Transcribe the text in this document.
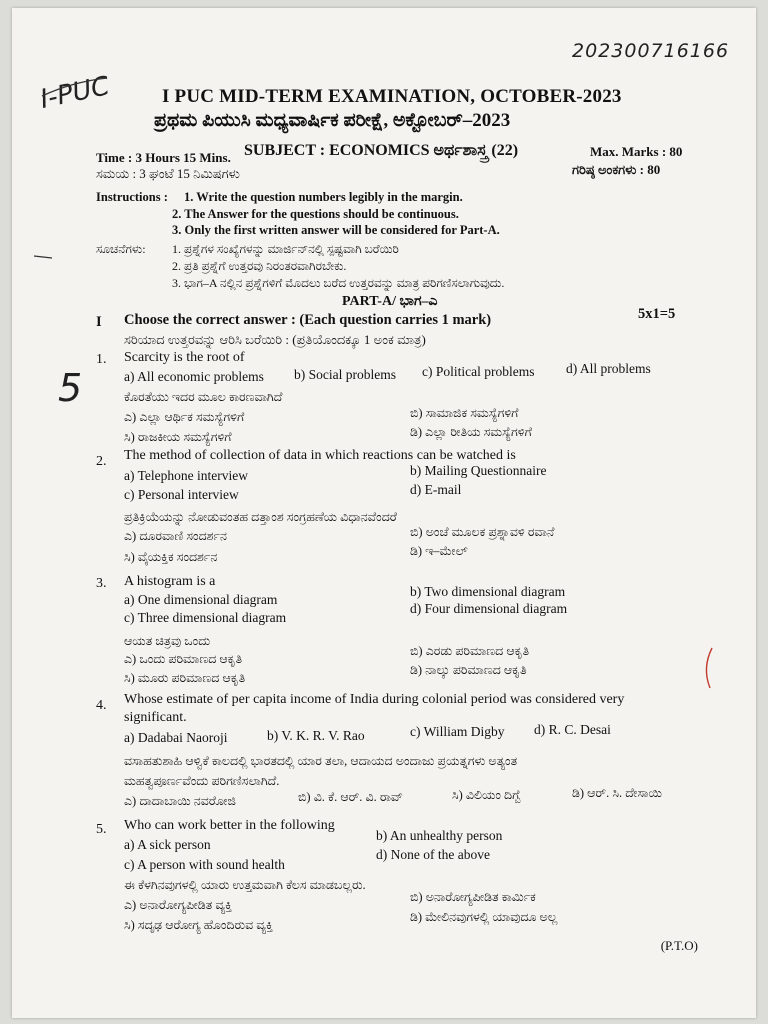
202300716166
I-PUC
5
I PUC MID-TERM EXAMINATION, OCTOBER-2023
ಪ್ರಥಮ ಪಿಯುಸಿ ಮಧ್ಯವಾರ್ಷಿಕ ಪರೀಕ್ಷೆ, ಅಕ್ಟೋಬರ್–2023
Time : 3 Hours 15 Mins.
ಸಮಯ : 3 ಘಂಟೆ 15 ನಿಮಿಷಗಳು
SUBJECT : ECONOMICS ಅರ್ಥಶಾಸ್ತ್ರ (22)	Max. Marks : 80
ಗರಿಷ್ಠ ಅಂಕಗಳು : 80
Instructions : 1. Write the question numbers legibly in the margin.
2. The Answer for the questions should be continuous.
3. Only the first written answer will be considered for Part-A.
ಸೂಚನೆಗಳು: 1. ಪ್ರಶ್ನೆಗಳ ಸಂಖ್ಯೆಗಳನ್ನು ಮಾರ್ಜಿನ್‌ನಲ್ಲಿ ಸ್ಪಷ್ಟವಾಗಿ ಬರೆಯಿರಿ
2. ಪ್ರತಿ ಪ್ರಶ್ನೆಗೆ ಉತ್ತರವು ನಿರಂತರವಾಗಿರಬೇಕು.
3. ಭಾಗ–A ನಲ್ಲಿನ ಪ್ರಶ್ನೆಗಳಿಗೆ ಮೊದಲು ಬರೆದ ಉತ್ತರವನ್ನು ಮಾತ್ರ ಪರಿಗಣಿಸಲಾಗುವುದು.
PART-A/ ಭಾಗ–ಎ
I Choose the correct answer : (Each question carries 1 mark)	5x1=5
ಸರಿಯಾದ ಉತ್ತರವನ್ನು ಆರಿಸಿ ಬರೆಯಿರಿ : (ಪ್ರತಿಯೊಂದಕ್ಕೂ 1 ಅಂಕ ಮಾತ್ರ)
1. Scarcity is the root of
a) All economic problems b) Social problems c) Political problems d) All problems
ಕೊರತೆಯು ಇದರ ಮೂಲ ಕಾರಣವಾಗಿದೆ
ಎ) ಎಲ್ಲಾ ಆರ್ಥಿಕ ಸಮಸ್ಯೆಗಳಿಗೆ	ಬಿ) ಸಾಮಾಜಿಕ ಸಮಸ್ಯೆಗಳಿಗೆ
ಸಿ) ರಾಜಕೀಯ ಸಮಸ್ಯೆಗಳಿಗೆ	ಡಿ) ಎಲ್ಲಾ ರೀತಿಯ ಸಮಸ್ಯೆಗಳಿಗೆ
2. The method of collection of data in which reactions can be watched is
a) Telephone interview	b) Mailing Questionnaire
c) Personal interview	d) E-mail
ಪ್ರತಿಕ್ರಿಯೆಯನ್ನು ನೋಡುವಂತಹ ದತ್ತಾಂಶ ಸಂಗ್ರಹಣೆಯ ವಿಧಾನವೆಂದರೆ
ಎ) ದೂರವಾಣಿ ಸಂದರ್ಶನ	ಬಿ) ಅಂಚೆ ಮೂಲಕ ಪ್ರಶ್ನಾವಳಿ ರವಾನೆ
ಸಿ) ವೈಯಕ್ತಿಕ ಸಂದರ್ಶನ	ಡಿ) ಇ–ಮೇಲ್
3. A histogram is a
a) One dimensional diagram
b) Two dimensional diagram
c) Three dimensional diagram
d) Four dimensional diagram
ಆಯತ ಚಿತ್ರವು ಒಂದು
ಎ) ಒಂದು ಪರಿಮಾಣದ ಆಕೃತಿ
ಬಿ) ಎರಡು ಪರಿಮಾಣದ ಆಕೃತಿ
ಸಿ) ಮೂರು ಪರಿಮಾಣದ ಆಕೃತಿ
ಡಿ) ನಾಲ್ಕು ಪರಿಮಾಣದ ಆಕೃತಿ
4. Whose estimate of per capita income of India during colonial period was considered very
significant.
a) Dadabai Naoroji	b) V. K. R. V. Rao	c) William Digby d) R. C. Desai
ವಸಾಹತುಶಾಹಿ ಆಳ್ವಿಕೆ ಕಾಲದಲ್ಲಿ ಭಾರತದಲ್ಲಿ ಯಾರ ತಲಾ, ಆದಾಯದ ಅಂದಾಜು ಪ್ರಯತ್ನಗಳು ಅತ್ಯಂತ
ಮಹತ್ವಪೂರ್ಣವೆಂದು ಪರಿಗಣಿಸಲಾಗಿದೆ.
ಎ) ದಾದಾಬಾಯಿ ನವರೋಜಿ	ಬಿ) ವಿ. ಕೆ. ಆರ್. ವಿ. ರಾವ್	ಸಿ) ವಿಲಿಯಂ ದಿಗ್ಬೆ	ಡಿ) ಆರ್. ಸಿ. ದೇಸಾಯಿ
5. Who can work better in the following
a) A sick person
b) An unhealthy person
c) A person with sound health
d) None of the above
ಈ ಕೆಳಗಿನವುಗಳಲ್ಲಿ ಯಾರು ಉತ್ತಮವಾಗಿ ಕೆಲಸ ಮಾಡಬಲ್ಲರು.
ಎ) ಅನಾರೋಗ್ಯಪೀಡಿತ ವ್ಯಕ್ತಿ
ಬಿ) ಅನಾರೋಗ್ಯಪೀಡಿತ ಕಾರ್ಮಿಕ
ಸಿ) ಸದೃಢ ಆರೋಗ್ಯ ಹೊಂದಿರುವ ವ್ಯಕ್ತಿ
ಡಿ) ಮೇಲಿನವುಗಳಲ್ಲಿ ಯಾವುದೂ ಅಲ್ಲ
(P.T.O)
